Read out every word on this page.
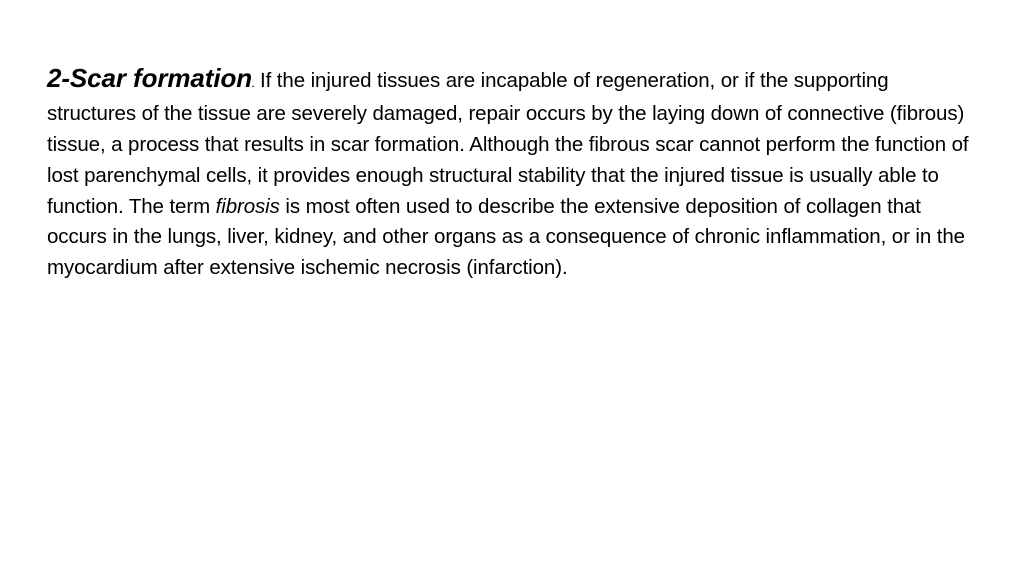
2-Scar formation. If the injured tissues are incapable of regeneration, or if the supporting structures of the tissue are severely damaged, repair occurs by the laying down of connective (fibrous) tissue, a process that results in scar formation. Although the fibrous scar cannot perform the function of lost parenchymal cells, it provides enough structural stability that the injured tissue is usually able to function. The term fibrosis is most often used to describe the extensive deposition of collagen that occurs in the lungs, liver, kidney, and other organs as a consequence of chronic inflammation, or in the myocardium after extensive ischemic necrosis (infarction).
